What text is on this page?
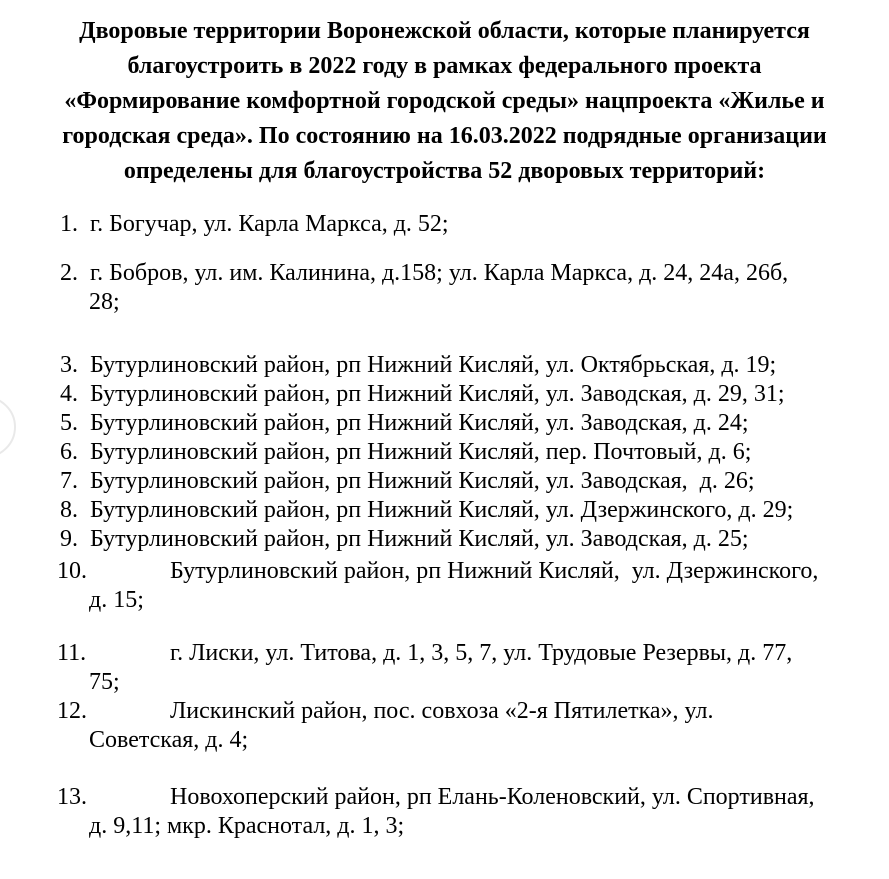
Дворовые территории Воронежской области, которые планируется
благоустроить в 2022 году в рамках федерального проекта
«Формирование комфортной городской среды» нацпроекта «Жилье и
городская среда». По состоянию на 16.03.2022 подрядные организации
определены для благоустройства 52 дворовых территорий:
1. г. Богучар, ул. Карла Маркса, д. 52;
2. г. Бобров, ул. им. Калинина, д.158; ул. Карла Маркса, д. 24, 24а, 26б,
28;
3. Бутурлиновский район, рп Нижний Кисляй, ул. Октябрьская, д. 19;
4. Бутурлиновский район, рп Нижний Кисляй, ул. Заводская, д. 29, 31;
5. Бутурлиновский район, рп Нижний Кисляй, ул. Заводская, д. 24;
6. Бутурлиновский район, рп Нижний Кисляй, пер. Почтовый, д. 6;
7. Бутурлиновский район, рп Нижний Кисляй, ул. Заводская,  д. 26;
8. Бутурлиновский район, рп Нижний Кисляй, ул. Дзержинского, д. 29;
9. Бутурлиновский район, рп Нижний Кисляй, ул. Заводская, д. 25;
10.	Бутурлиновский район, рп Нижний Кисляй,  ул. Дзержинского,
д. 15;
11.	г. Лиски, ул. Титова, д. 1, 3, 5, 7, ул. Трудовые Резервы, д. 77,
75;
12.	Лискинский район, пос. совхоза «2-я Пятилетка», ул.
Советская, д. 4;
13.	Новохоперский район, рп Елань-Коленовский, ул. Спортивная,
д. 9,11; мкр. Краснотал, д. 1, 3;
